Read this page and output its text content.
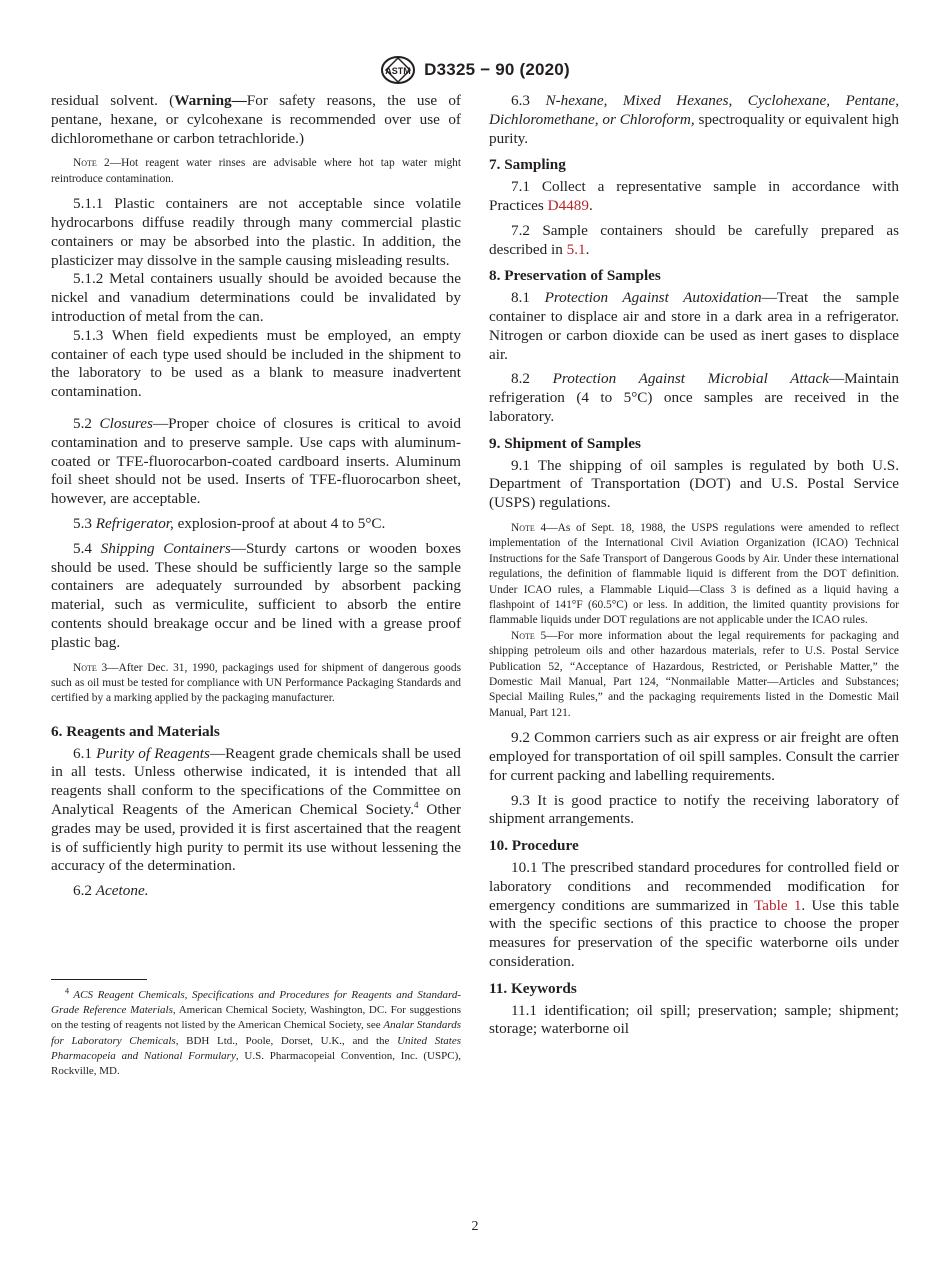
ASTM D3325 − 90 (2020)

residual solvent. (Warning—For safety reasons, the use of pentane, hexane, or cylcohexane is recommended over use of dichloromethane or carbon tetrachloride.)

Note 2—Hot reagent water rinses are advisable where hot tap water might reintroduce contamination.

5.1.1 Plastic containers are not acceptable since volatile hydrocarbons diffuse readily through many commercial plastic containers or may be absorbed into the plastic. In addition, the plasticizer may dissolve in the sample causing misleading results.

5.1.2 Metal containers usually should be avoided because the nickel and vanadium determinations could be invalidated by introduction of metal from the can.

5.1.3 When field expedients must be employed, an empty container of each type used should be included in the shipment to the laboratory to be used as a blank to measure inadvertent contamination.

5.2 Closures—Proper choice of closures is critical to avoid contamination and to preserve sample. Use caps with aluminum-coated or TFE-fluorocarbon-coated cardboard inserts. Aluminum foil sheet should not be used. Inserts of TFE-fluorocarbon sheet, however, are acceptable.

5.3 Refrigerator, explosion-proof at about 4 to 5°C.

5.4 Shipping Containers—Sturdy cartons or wooden boxes should be used. These should be sufficiently large so the sample containers are adequately surrounded by absorbent packing material, such as vermiculite, sufficient to absorb the entire contents should breakage occur and be lined with a grease proof plastic bag.

Note 3—After Dec. 31, 1990, packagings used for shipment of dangerous goods such as oil must be tested for compliance with UN Performance Packaging Standards and certified by a marking applied by the packaging manufacturer.

6. Reagents and Materials

6.1 Purity of Reagents—Reagent grade chemicals shall be used in all tests. Unless otherwise indicated, it is intended that all reagents shall conform to the specifications of the Committee on Analytical Reagents of the American Chemical Society.$^4$ Other grades may be used, provided it is first ascertained that the reagent is of sufficiently high purity to permit its use without lessening the accuracy of the determination.

6.2 Acetone.

6.3 N-hexane, Mixed Hexanes, Cyclohexane, Pentane, Dichloromethane, or Chloroform, spectroquality or equivalent high purity.

7. Sampling

7.1 Collect a representative sample in accordance with Practices D4489.

7.2 Sample containers should be carefully prepared as described in 5.1.

8. Preservation of Samples

8.1 Protection Against Autoxidation—Treat the sample container to displace air and store in a dark area in a refrigerator. Nitrogen or carbon dioxide can be used as inert gases to displace air.

8.2 Protection Against Microbial Attack—Maintain refrigeration (4 to 5°C) once samples are received in the laboratory.

9. Shipment of Samples

9.1 The shipping of oil samples is regulated by both U.S. Department of Transportation (DOT) and U.S. Postal Service (USPS) regulations.

Note 4—As of Sept. 18, 1988, the USPS regulations were amended to reflect implementation of the International Civil Aviation Organization (ICAO) Technical Instructions for the Safe Transport of Dangerous Goods by Air. Under these international regulations, the definition of flammable liquid is different from the DOT definition. Under ICAO rules, a Flammable Liquid—Class 3 is defined as a liquid having a flashpoint of 141°F (60.5°C) or less. In addition, the limited quantity provisions for flammable liquids under DOT regulations are not applicable under the ICAO rules.

Note 5—For more information about the legal requirements for packaging and shipping petroleum oils and other hazardous materials, refer to U.S. Postal Service Publication 52, “Acceptance of Hazardous, Restricted, or Perishable Matter,” the Domestic Mail Manual, Part 124, “Nonmailable Matter—Articles and Substances; Special Mailing Rules,” and the packaging requirements listed in the Domestic Mail Manual, Part 121.

9.2 Common carriers such as air express or air freight are often employed for transportation of oil spill samples. Consult the carrier for current packing and labelling requirements.

9.3 It is good practice to notify the receiving laboratory of shipment arrangements.

10. Procedure

10.1 The prescribed standard procedures for controlled field or laboratory conditions and recommended modification for emergency conditions are summarized in Table 1. Use this table with the specific sections of this practice to choose the proper measures for preservation of the specific waterborne oils under consideration.

11. Keywords

11.1 identification; oil spill; preservation; sample; shipment; storage; waterborne oil

$^4$ ACS Reagent Chemicals, Specifications and Procedures for Reagents and Standard-Grade Reference Materials, American Chemical Society, Washington, DC. For suggestions on the testing of reagents not listed by the American Chemical Society, see Analar Standards for Laboratory Chemicals, BDH Ltd., Poole, Dorset, U.K., and the United States Pharmacopeia and National Formulary, U.S. Pharmacopeial Convention, Inc. (USPC), Rockville, MD.

2
